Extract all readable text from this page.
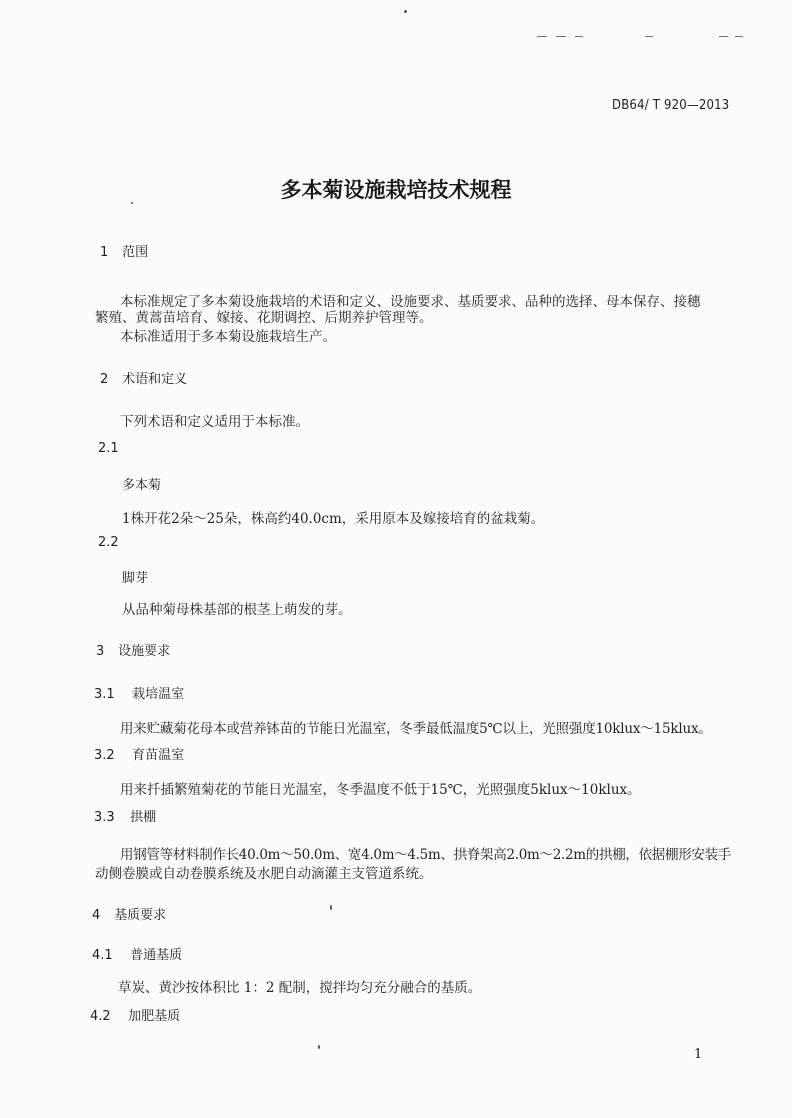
DB64/ T 920—2013
多本菊设施栽培技术规程
1 范围
本标准规定了多本菊设施栽培的术语和定义、设施要求、基质要求、品种的选择、母本保存、接穗
繁殖、黄蒿苗培育、嫁接、花期调控、后期养护管理等。
本标准适用于多本菊设施栽培生产。
2 术语和定义
下列术语和定义适用于本标准。
2.1
多本菊
1株开花2朵～25朵，株高约40.0cm，采用原本及嫁接培育的盆栽菊。
2.2
脚芽
从品种菊母株基部的根茎上萌发的芽。
3 设施要求
3.1 栽培温室
用来贮藏菊花母本或营养钵苗的节能日光温室，冬季最低温度5℃以上，光照强度10klux～15klux。
3.2 育苗温室
用来扦插繁殖菊花的节能日光温室，冬季温度不低于15℃，光照强度5klux～10klux。
3.3 拱棚
用钢管等材料制作长40.0m～50.0m、宽4.0m～4.5m、拱脊架高2.0m～2.2m的拱棚，依据棚形安装手
动侧卷膜或自动卷膜系统及水肥自动滴灌主支管道系统。
4 基质要求
4.1 普通基质
草炭、黄沙按体积比 1：2 配制，搅拌均匀充分融合的基质。
4.2 加肥基质
1
